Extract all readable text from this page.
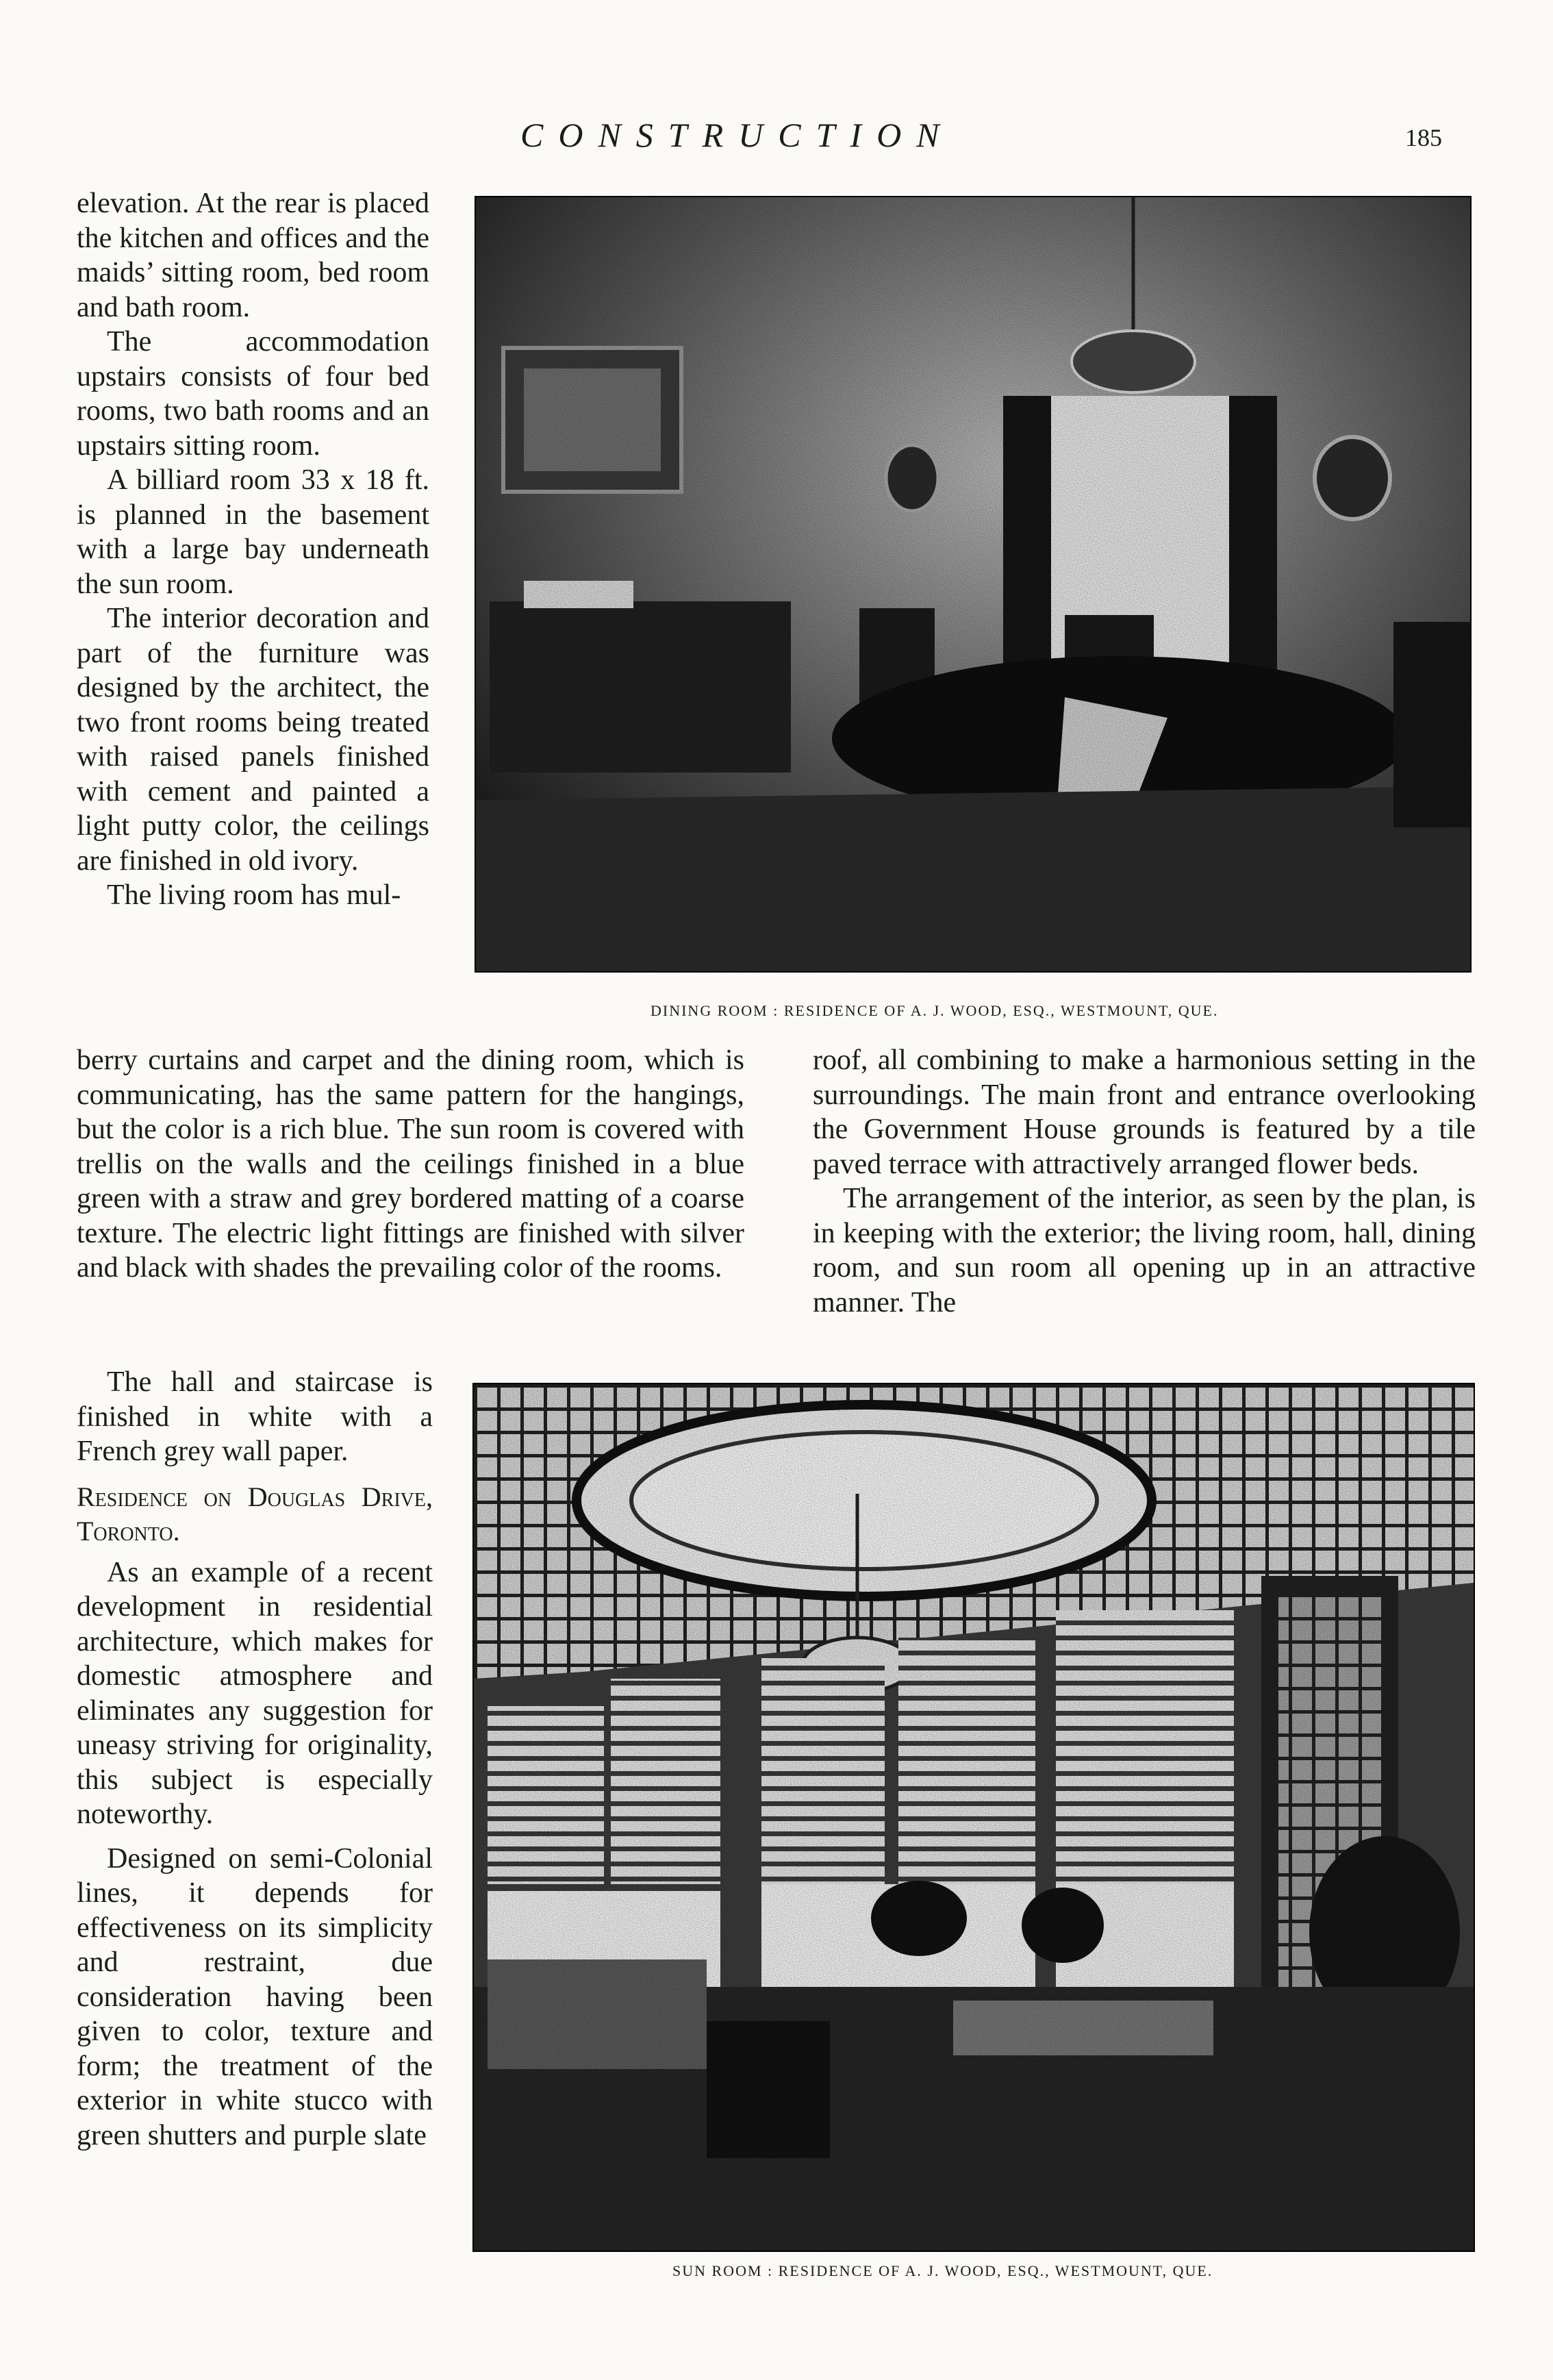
CONSTRUCTION	185

elevation. At the rear is placed the kitchen and offices and the maids’ sitting room, bed room and bath room.

The accommodation upstairs consists of four bed rooms, two bath rooms and an upstairs sitting room.

A billiard room 33 x 18 ft. is planned in the basement with a large bay underneath the sun room.

The interior decoration and part of the furniture was designed by the architect, the two front rooms being treated with raised panels finished with cement and painted a light putty color, the ceilings are finished in old ivory.

The living room has mul-

DINING ROOM : RESIDENCE OF A. J. WOOD, ESQ., WESTMOUNT, QUE.

berry curtains and carpet and the dining room, which is communicating, has the same pattern for the hangings, but the color is a rich blue. The sun room is covered with trellis on the walls and the ceilings finished in a blue green with a straw and grey bordered matting of a coarse texture. The electric light fittings are finished with silver and black with shades the prevailing color of the rooms.

roof, all combining to make a harmonious setting in the surroundings. The main front and entrance overlooking the Government House grounds is featured by a tile paved terrace with attractively arranged flower beds.

The arrangement of the interior, as seen by the plan, is in keeping with the exterior; the living room, hall, dining room, and sun room all opening up in an attractive manner. The

The hall and staircase is finished in white with a French grey wall paper.

Residence on Douglas Drive, Toronto.

As an example of a recent development in residential architecture, which makes for domestic atmosphere and eliminates any suggestion for uneasy striving for originality, this subject is especially noteworthy.

Designed on semi-Colonial lines, it depends for effectiveness on its simplicity and restraint, due consideration having been given to color, texture and form; the treatment of the exterior in white stucco with green shutters and purple slate

SUN ROOM : RESIDENCE OF A. J. WOOD, ESQ., WESTMOUNT, QUE.
